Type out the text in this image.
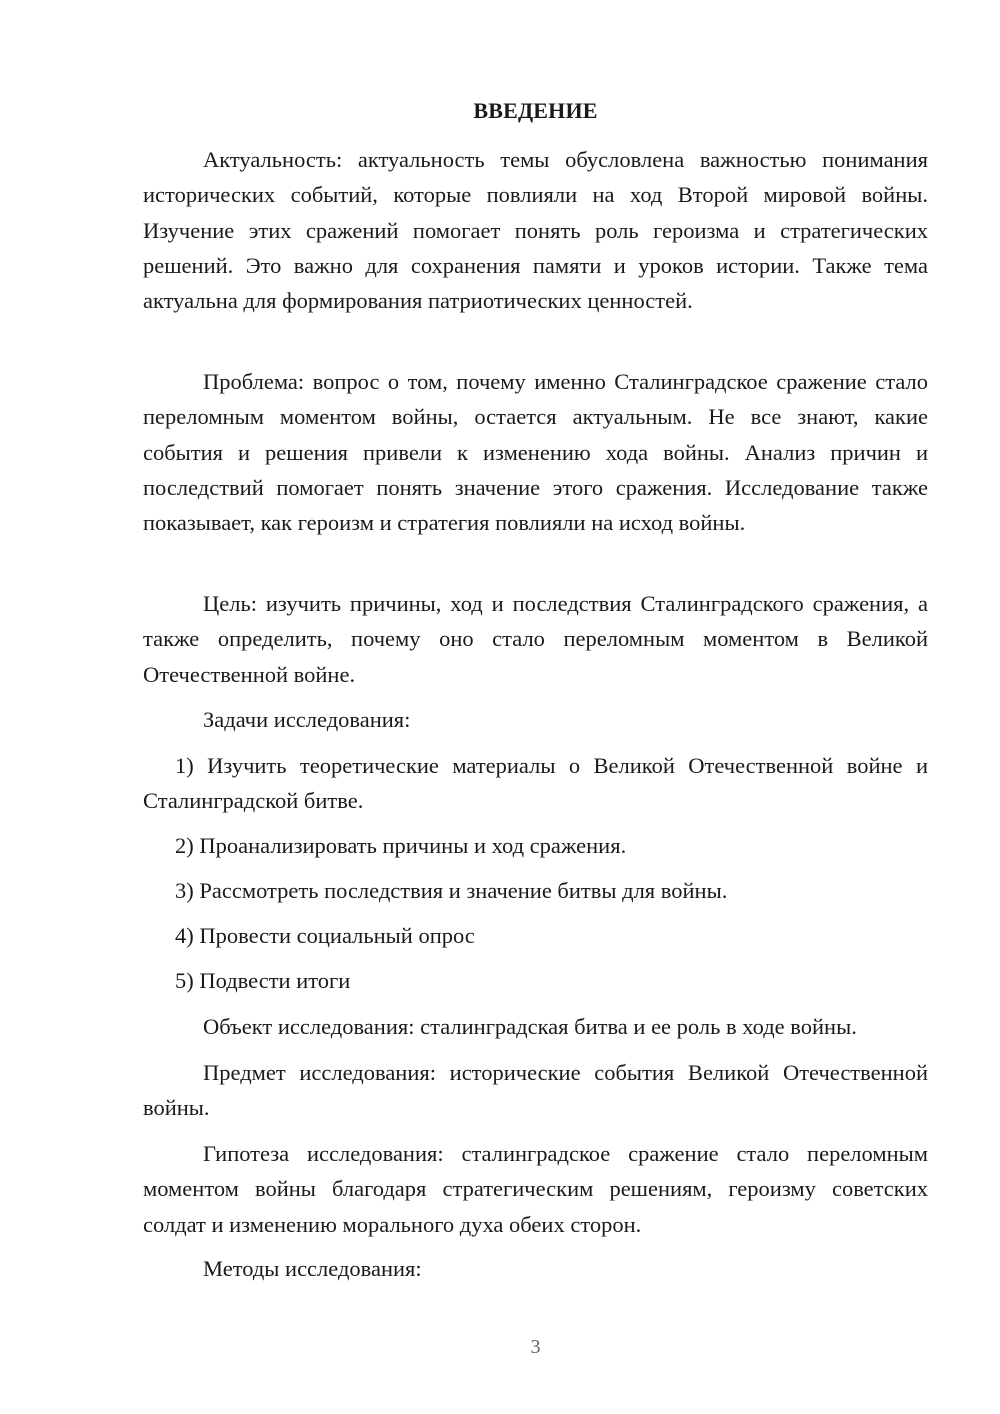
ВВЕДЕНИЕ

Актуальность: актуальность темы обусловлена важностью понимания исторических событий, которые повлияли на ход Второй мировой войны. Изучение этих сражений помогает понять роль героизма и стратегических решений. Это важно для сохранения памяти и уроков истории. Также тема актуальна для формирования патриотических ценностей.

Проблема: вопрос о том, почему именно Сталинградское сражение стало переломным моментом войны, остается актуальным. Не все знают, какие события и решения привели к изменению хода войны. Анализ причин и последствий помогает понять значение этого сражения. Исследование также показывает, как героизм и стратегия повлияли на исход войны.

Цель: изучить причины, ход и последствия Сталинградского сражения, а также определить, почему оно стало переломным моментом в Великой Отечественной войне.

Задачи исследования:

1) Изучить теоретические материалы о Великой Отечественной войне и Сталинградской битве.

2) Проанализировать причины и ход сражения.

3) Рассмотреть последствия и значение битвы для войны.

4) Провести социальный опрос

5) Подвести итоги

Объект исследования: сталинградская битва и ее роль в ходе войны.

Предмет исследования: исторические события Великой Отечественной войны.

Гипотеза исследования: сталинградское сражение стало переломным моментом войны благодаря стратегическим решениям, героизму советских солдат и изменению морального духа обеих сторон.

Методы исследования:

3
